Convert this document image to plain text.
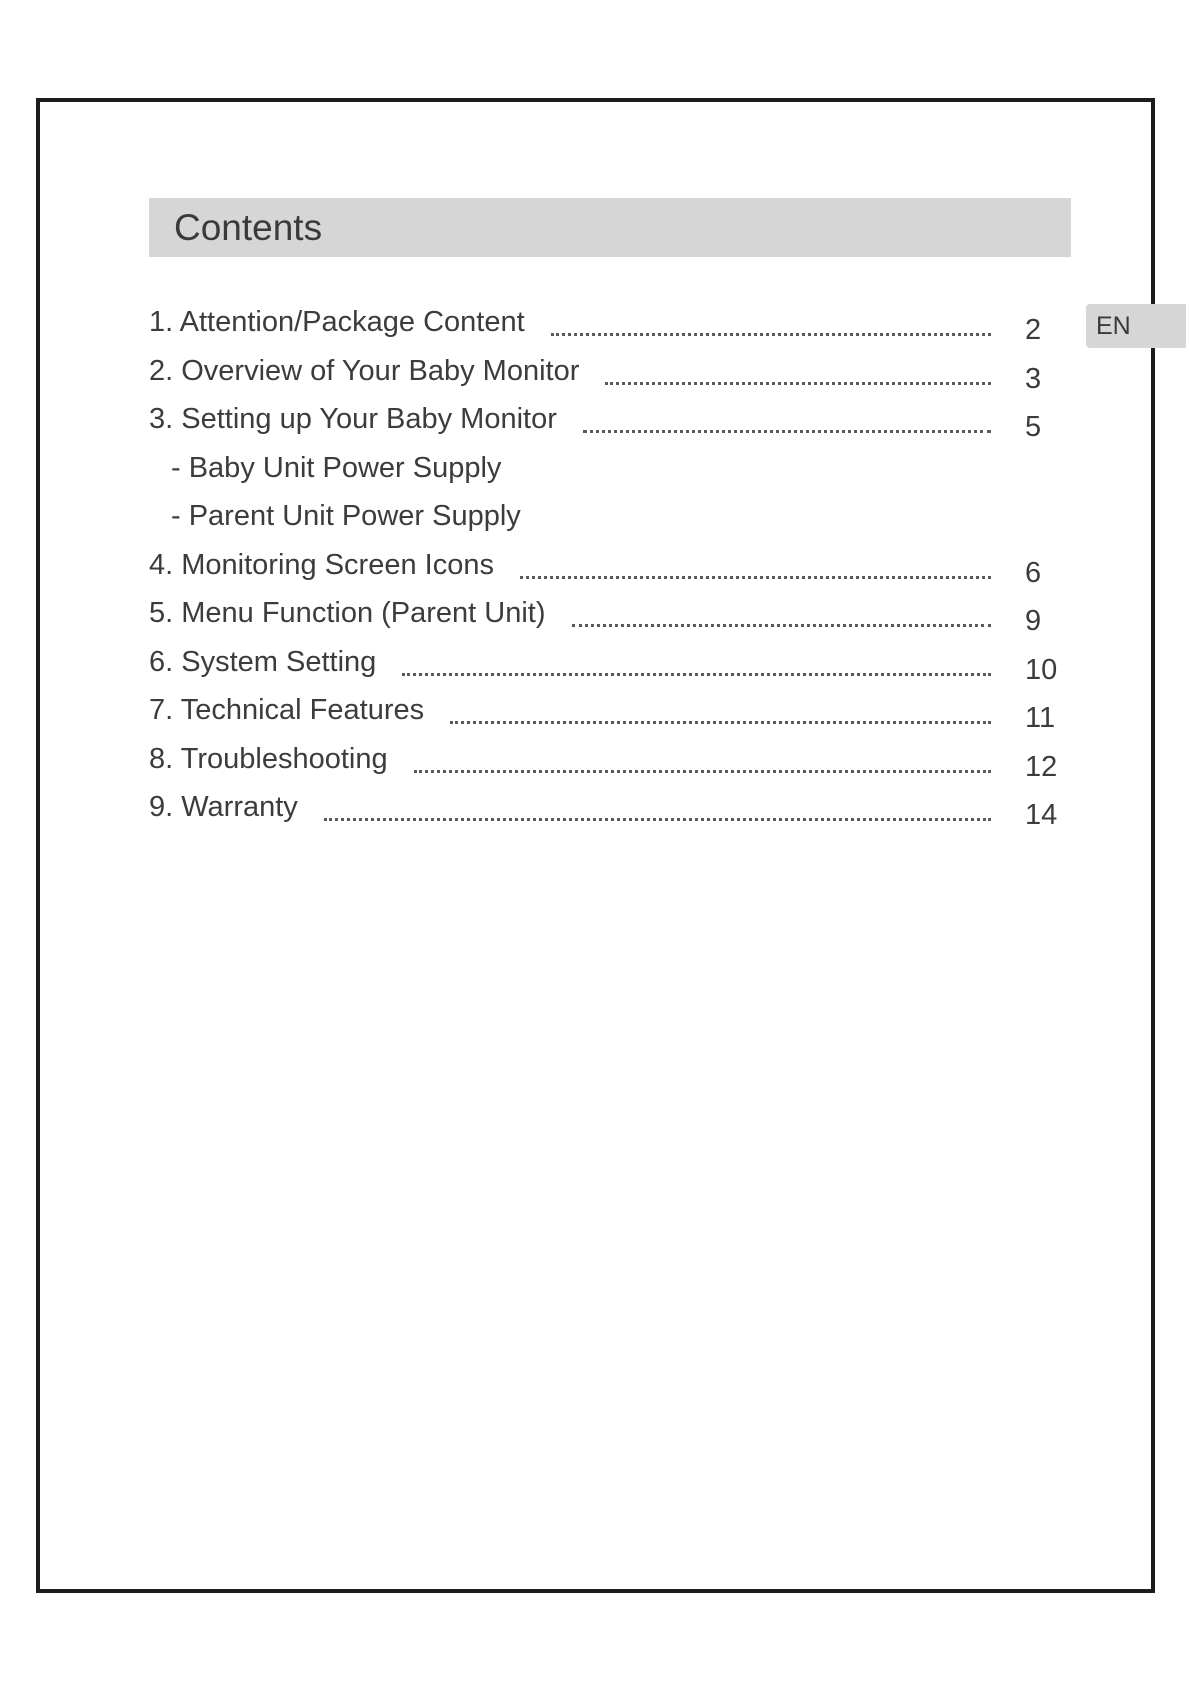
Contents
EN
1. Attention/Package Content	2
2. Overview of Your Baby Monitor	3
3. Setting up Your Baby Monitor	5
- Baby Unit Power Supply
- Parent Unit Power Supply
4. Monitoring Screen Icons	6
5. Menu Function (Parent Unit)	9
6. System Setting	10
7. Technical Features	11
8. Troubleshooting	12
9. Warranty	14
